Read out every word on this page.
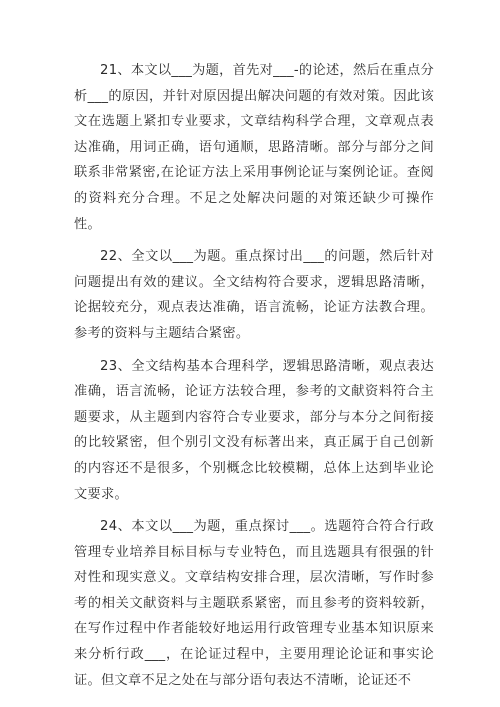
21、本文以___为题，首先对___-的论述，然后在重点分析___的原因，并针对原因提出解决问题的有效对策。因此该文在选题上紧扣专业要求，文章结构科学合理，文章观点表达准确，用词正确，语句通顺，思路清晰。部分与部分之间联系非常紧密,在论证方法上采用事例论证与案例论证。查阅的资料充分合理。不足之处解决问题的对策还缺少可操作性。

22、全文以___为题。重点探讨出___的问题，然后针对问题提出有效的建议。全文结构符合要求，逻辑思路清晰，论据较充分，观点表达准确，语言流畅，论证方法教合理。参考的资料与主题结合紧密。

23、全文结构基本合理科学，逻辑思路清晰，观点表达准确，语言流畅，论证方法较合理，参考的文献资料符合主题要求，从主题到内容符合专业要求，部分与本分之间衔接的比较紧密，但个别引文没有标著出来，真正属于自己创新的内容还不是很多，个别概念比较模糊，总体上达到毕业论文要求。

24、本文以___为题，重点探讨___。选题符合符合行政管理专业培养目标目标与专业特色，而且选题具有很强的针对性和现实意义。文章结构安排合理，层次清晰，写作时参考的相关文献资料与主题联系紧密，而且参考的资料较新，在写作过程中作者能较好地运用行政管理专业基本知识原来来分析行政___，在论证过程中，主要用理论论证和事实论证。但文章不足之处在与部分语句表达不清晰，论证还不
